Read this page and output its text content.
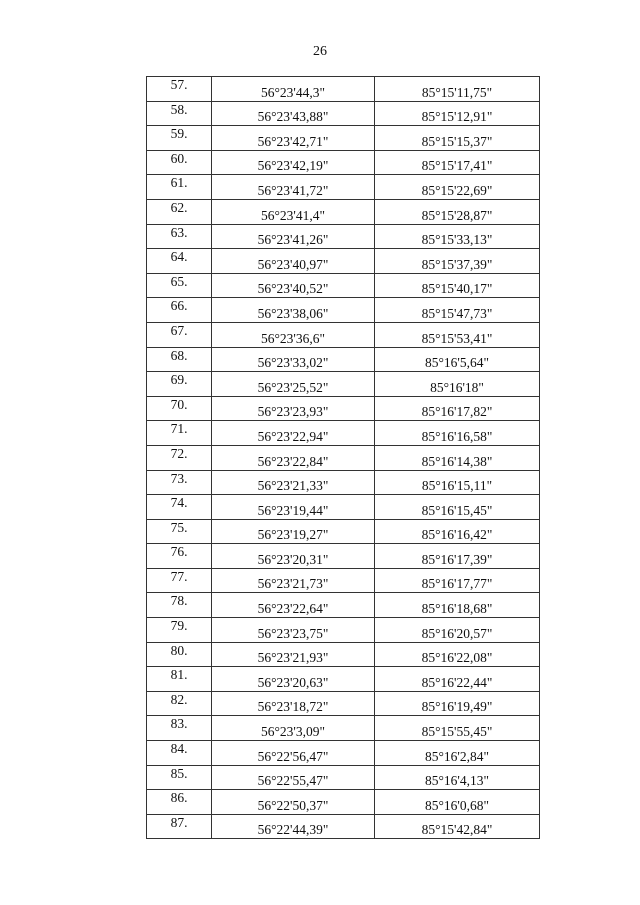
26
57.	56°23'44,3"	85°15'11,75"
58.	56°23'43,88"	85°15'12,91"
59.	56°23'42,71"	85°15'15,37"
60.	56°23'42,19"	85°15'17,41"
61.	56°23'41,72"	85°15'22,69"
62.	56°23'41,4"	85°15'28,87"
63.	56°23'41,26"	85°15'33,13"
64.	56°23'40,97"	85°15'37,39"
65.	56°23'40,52"	85°15'40,17"
66.	56°23'38,06"	85°15'47,73"
67.	56°23'36,6"	85°15'53,41"
68.	56°23'33,02"	85°16'5,64"
69.	56°23'25,52"	85°16'18"
70.	56°23'23,93"	85°16'17,82"
71.	56°23'22,94"	85°16'16,58"
72.	56°23'22,84"	85°16'14,38"
73.	56°23'21,33"	85°16'15,11"
74.	56°23'19,44"	85°16'15,45"
75.	56°23'19,27"	85°16'16,42"
76.	56°23'20,31"	85°16'17,39"
77.	56°23'21,73"	85°16'17,77"
78.	56°23'22,64"	85°16'18,68"
79.	56°23'23,75"	85°16'20,57"
80.	56°23'21,93"	85°16'22,08"
81.	56°23'20,63"	85°16'22,44"
82.	56°23'18,72"	85°16'19,49"
83.	56°23'3,09"	85°15'55,45"
84.	56°22'56,47"	85°16'2,84"
85.	56°22'55,47"	85°16'4,13"
86.	56°22'50,37"	85°16'0,68"
87.	56°22'44,39"	85°15'42,84"
